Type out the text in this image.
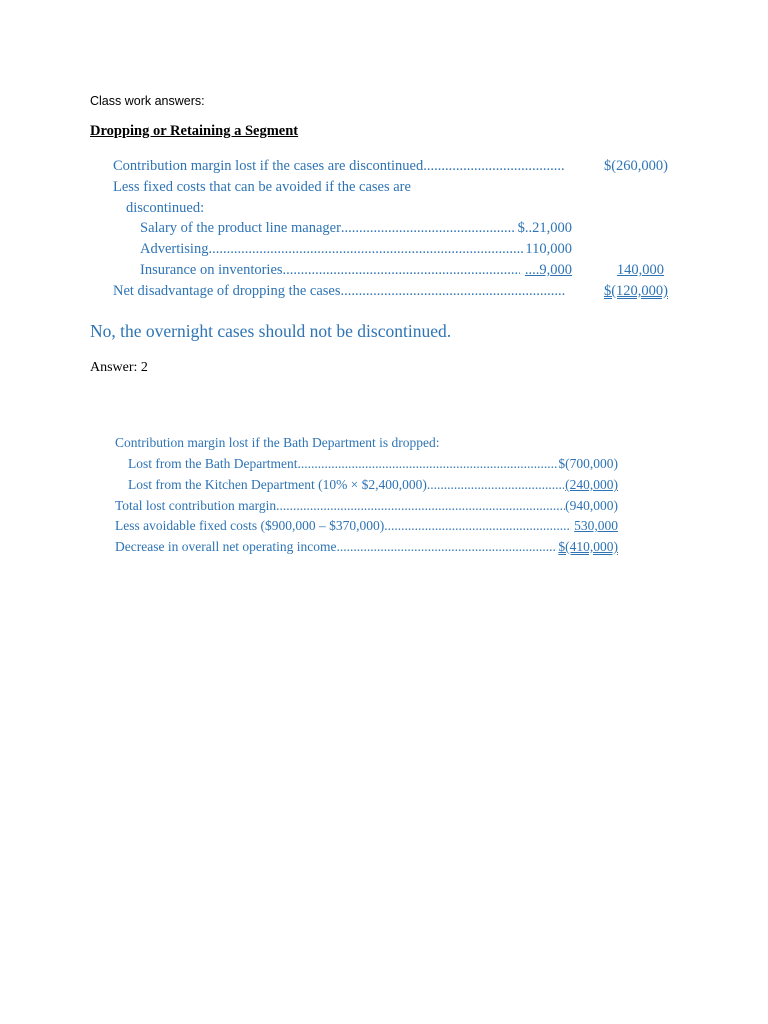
Class work answers:
Dropping or Retaining a Segment
Contribution margin lost if the cases are discontinued .....	$(260,000)
Less fixed costs that can be avoided if the cases are
discontinued:
Salary of the product line manager .....	$..21,000
Advertising .....	110,000
Insurance on inventories .....	....9,000	140,000
Net disadvantage of dropping the cases .....	$(120,000)
No, the overnight cases should not be discontinued.
Answer: 2
Contribution margin lost if the Bath Department is dropped:
Lost from the Bath Department .....	$(700,000)
Lost from the Kitchen Department (10% × $2,400,000) .....	(240,000)
Total lost contribution margin .....	(940,000)
Less avoidable fixed costs ($900,000 – $370,000) .....	530,000
Decrease in overall net operating income .....	$(410,000)
